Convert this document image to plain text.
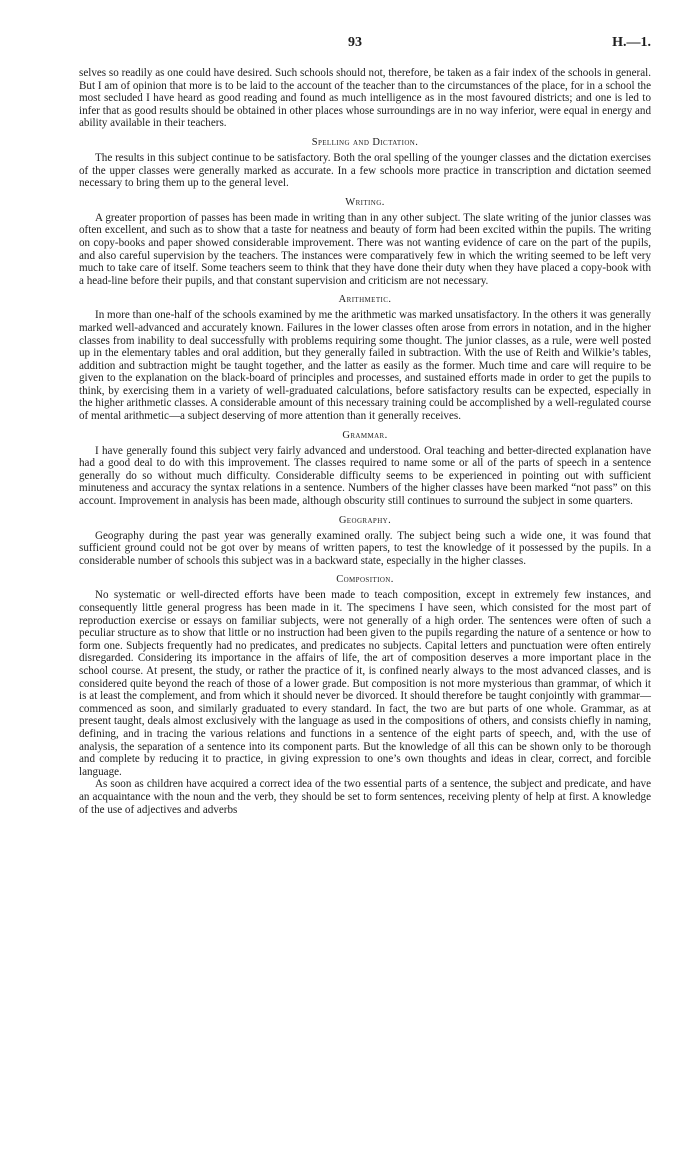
93	H.—1.

selves so readily as one could have desired. Such schools should not, therefore, be taken as a fair index of the schools in general. But I am of opinion that more is to be laid to the account of the teacher than to the circumstances of the place, for in a school the most secluded I have heard as good reading and found as much intelligence as in the most favoured districts; and one is led to infer that as good results should be obtained in other places whose surroundings are in no way inferior, were equal in energy and ability available in their teachers.

Spelling and Dictation.

The results in this subject continue to be satisfactory. Both the oral spelling of the younger classes and the dictation exercises of the upper classes were generally marked as accurate. In a few schools more practice in transcription and dictation seemed necessary to bring them up to the general level.

Writing.

A greater proportion of passes has been made in writing than in any other subject. The slate writing of the junior classes was often excellent, and such as to show that a taste for neatness and beauty of form had been excited within the pupils. The writing on copy-books and paper showed considerable improvement. There was not wanting evidence of care on the part of the pupils, and also careful supervision by the teachers. The instances were comparatively few in which the writing seemed to be left very much to take care of itself. Some teachers seem to think that they have done their duty when they have placed a copy-book with a head-line before their pupils, and that constant supervision and criticism are not necessary.

Arithmetic.

In more than one-half of the schools examined by me the arithmetic was marked unsatisfactory. In the others it was generally marked well-advanced and accurately known. Failures in the lower classes often arose from errors in notation, and in the higher classes from inability to deal successfully with problems requiring some thought. The junior classes, as a rule, were well posted up in the elementary tables and oral addition, but they generally failed in subtraction. With the use of Reith and Wilkie’s tables, addition and subtraction might be taught together, and the latter as easily as the former. Much time and care will require to be given to the explanation on the black-board of principles and processes, and sustained efforts made in order to get the pupils to think, by exercising them in a variety of well-graduated calculations, before satisfactory results can be expected, especially in the higher arithmetic classes. A considerable amount of this necessary training could be accomplished by a well-regulated course of mental arithmetic—a subject deserving of more attention than it generally receives.

Grammar.

I have generally found this subject very fairly advanced and understood. Oral teaching and better-directed explanation have had a good deal to do with this improvement. The classes required to name some or all of the parts of speech in a sentence generally do so without much difficulty. Considerable difficulty seems to be experienced in pointing out with sufficient minuteness and accuracy the syntax relations in a sentence. Numbers of the higher classes have been marked “not pass” on this account. Improvement in analysis has been made, although obscurity still continues to surround the subject in some quarters.

Geography.

Geography during the past year was generally examined orally. The subject being such a wide one, it was found that sufficient ground could not be got over by means of written papers, to test the knowledge of it possessed by the pupils. In a considerable number of schools this subject was in a backward state, especially in the higher classes.

Composition.

No systematic or well-directed efforts have been made to teach composition, except in extremely few instances, and consequently little general progress has been made in it. The specimens I have seen, which consisted for the most part of reproduction exercise or essays on familiar subjects, were not generally of a high order. The sentences were often of such a peculiar structure as to show that little or no instruction had been given to the pupils regarding the nature of a sentence or how to form one. Subjects frequently had no predicates, and predicates no subjects. Capital letters and punctuation were often entirely disregarded. Considering its importance in the affairs of life, the art of composition deserves a more important place in the school course. At present, the study, or rather the practice of it, is confined nearly always to the most advanced classes, and is considered quite beyond the reach of those of a lower grade. But composition is not more mysterious than grammar, of which it is at least the complement, and from which it should never be divorced. It should therefore be taught conjointly with grammar—commenced as soon, and similarly graduated to every standard. In fact, the two are but parts of one whole. Grammar, as at present taught, deals almost exclusively with the language as used in the compositions of others, and consists chiefly in naming, defining, and in tracing the various relations and functions in a sentence of the eight parts of speech, and, with the use of analysis, the separation of a sentence into its component parts. But the knowledge of all this can be shown only to be thorough and complete by reducing it to practice, in giving expression to one’s own thoughts and ideas in clear, correct, and forcible language.

As soon as children have acquired a correct idea of the two essential parts of a sentence, the subject and predicate, and have an acquaintance with the noun and the verb, they should be set to form sentences, receiving plenty of help at first. A knowledge of the use of adjectives and adverbs
